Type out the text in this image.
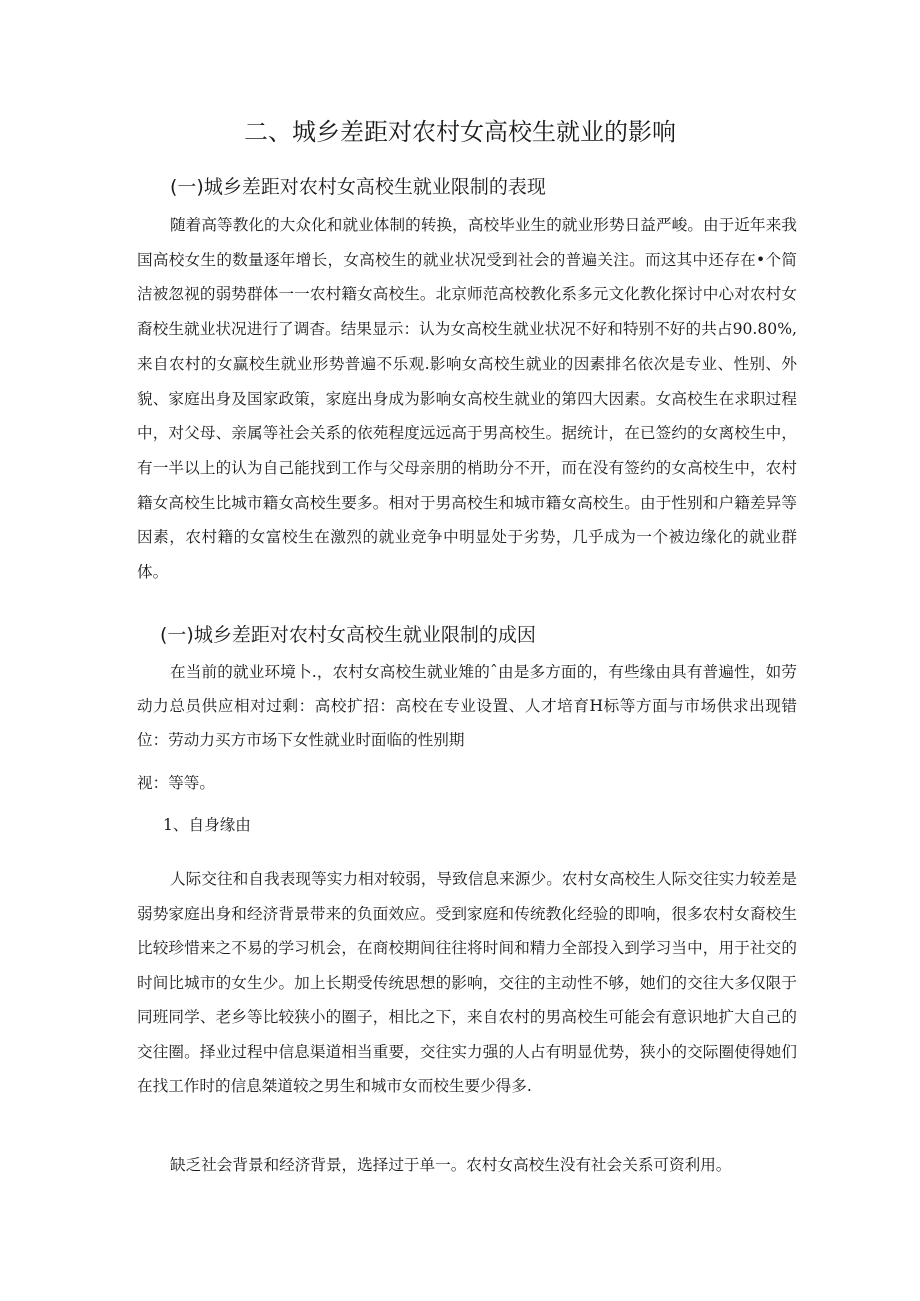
二、城乡差距对农村女高校生就业的影响
(一)城乡差距对农村女高校生就业限制的表现

随着高等教化的大众化和就业体制的转换，高校毕业生的就业形势日益严峻。由于近年来我国高校女生的数量逐年增长，女高校生的就业状况受到社会的普遍关注。而这其中还存在•个简洁被忽视的弱势群体一一农村籍女高校生。北京师范高校教化系多元文化教化探讨中心对农村女裔校生就业状况进行了调杳。结果显示：认为女高校生就业状况不好和特别不好的共占90.80%,来自农村的女赢校生就业形势普遍不乐观.影响女高校生就业的因素排名依次是专业、性别、外貌、家庭出身及国家政策，家庭出身成为影响女高校生就业的第四大因素。女高校生在求职过程中，对父母、亲属等社会关系的依苑程度远远高于男高校生。据统计，在已签约的女离校生中，有一半以上的认为自己能找到工作与父母亲朋的梢助分不开，而在没有签约的女高校生中，农村籍女高校生比城市籍女高校生要多。相对于男高校生和城市籍女高校生。由于性别和户籍差异等因素，农村籍的女富校生在激烈的就业竞争中明显处于劣势，几乎成为一个被边缘化的就业群体。

(一)城乡差距对农村女高校生就业限制的成因

在当前的就业环境卜.，农村女高校生就业雉的ˆ由是多方面的，有些缘由具有普遍性，如劳动力总员供应相对过剩：高校扩招：高校在专业设置、人才培育H标等方面与市场供求出现错位：劳动力买方市场下女性就业时面临的性别期

视：等等。

1、自身缘由

人际交往和自我表现等实力相对较弱，导致信息来源少。农村女高校生人际交往实力较差是弱势家庭出身和经济背景带来的负面效应。受到家庭和传统教化经验的即响，很多农村女裔校生比较珍惜来之不易的学习机会，在商校期间往往将时间和精力全部投入到学习当中，用于社交的时间比城市的女生少。加上长期受传统思想的影响，交往的主动性不够，她们的交往大多仅限于同班同学、老乡等比较狭小的圈子，相比之下，来自农村的男高校生可能会有意识地扩大自己的交往圈。择业过程中信息渠道相当重要，交往实力强的人占有明显优势，狭小的交际圈使得她们在找工作时的信息桀道较之男生和城市女而校生要少得多.

缺乏社会背景和经济背景，选择过于单一。农村女高校生没有社会关系可资利用。
